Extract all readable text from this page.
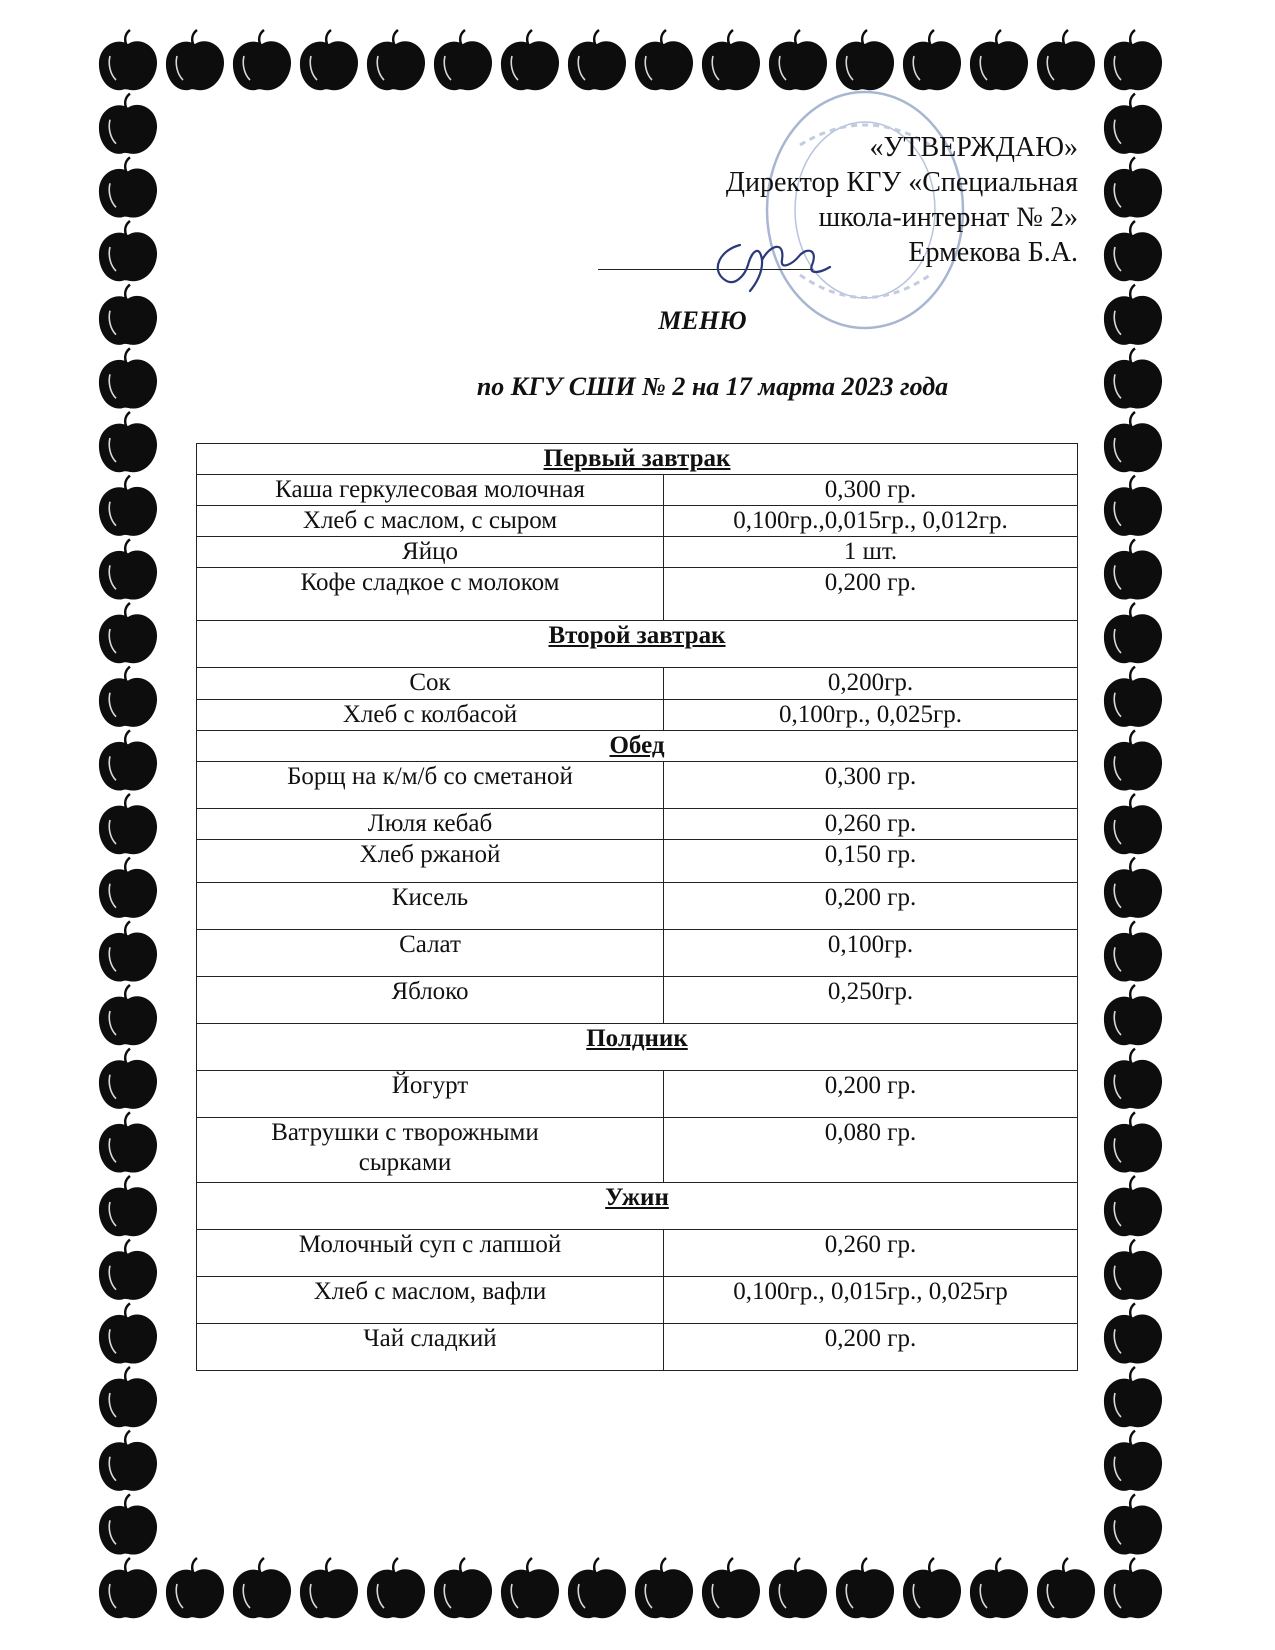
«УТВЕРЖДАЮ»
Директор КГУ «Специальная
школа-интернат № 2»
Ермекова Б.А.
МЕНЮ
по КГУ СШИ № 2 на 17 марта 2023 года
Первый завтрак	

Каша геркулесовая молочная	0,300 гр.

Хлеб с маслом, с сыром	0,100гр.,0,015гр., 0,012гр.

Яйцо	1 шт.

Кофе сладкое с молоком	0,200 гр.

Второй завтрак	

Сок	0,200гр.

Хлеб с колбасой	0,100гр., 0,025гр.

Обед	

Борщ на к/м/б со сметаной	0,300 гр.

Люля кебаб	0,260 гр.

Хлеб ржаной	0,150 гр.

Кисель	0,200 гр.

Салат	0,100гр.

Яблоко	0,250гр.

Полдник	

Йогурт	0,200 гр.

Ватрушки с творожными сырками	0,080 гр.

Ужин	

Молочный суп с лапшой	0,260 гр.

Хлеб с маслом, вафли	0,100гр., 0,015гр., 0,025гр

Чай сладкий	0,200 гр.
